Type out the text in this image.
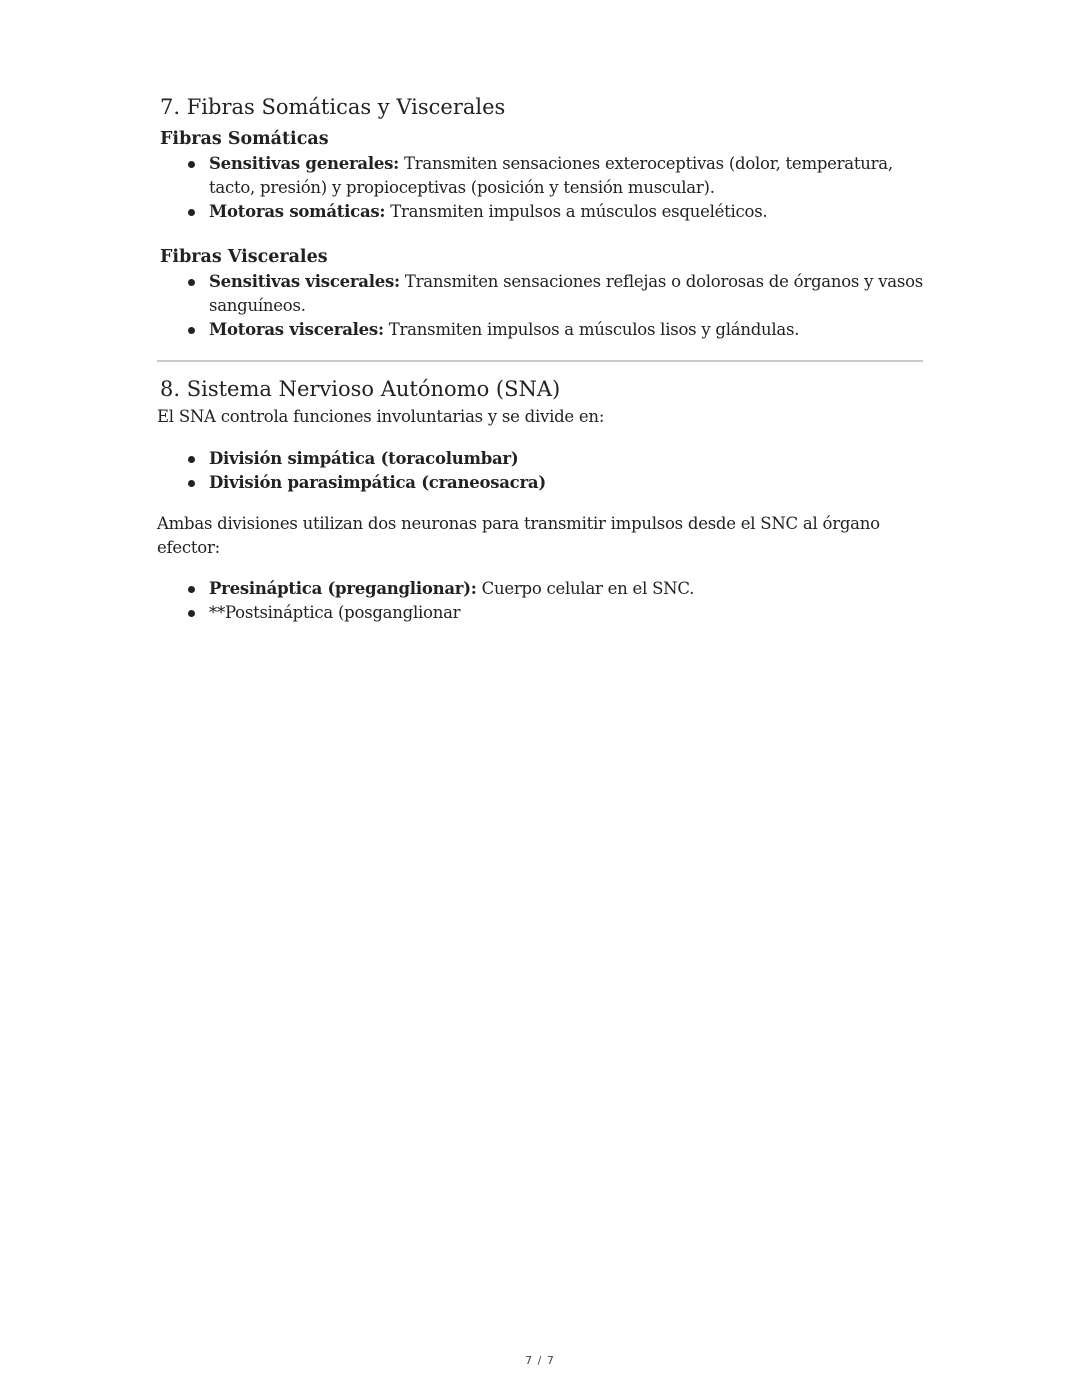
7. Fibras Somáticas y Viscerales
Fibras Somáticas
Sensitivas generales: Transmiten sensaciones exteroceptivas (dolor, temperatura, tacto, presión) y propioceptivas (posición y tensión muscular).
Motoras somáticas: Transmiten impulsos a músculos esqueléticos.
Fibras Viscerales
Sensitivas viscerales: Transmiten sensaciones reflejas o dolorosas de órganos y vasos sanguíneos.
Motoras viscerales: Transmiten impulsos a músculos lisos y glándulas.
8. Sistema Nervioso Autónomo (SNA)

El SNA controla funciones involuntarias y se divide en:

División simpática (toracolumbar)
División parasimpática (craneosacra)

Ambas divisiones utilizan dos neuronas para transmitir impulsos desde el SNC al órgano efector:

Presináptica (preganglionar): Cuerpo celular en el SNC.
**Postsináptica (posganglionar
7 / 7
